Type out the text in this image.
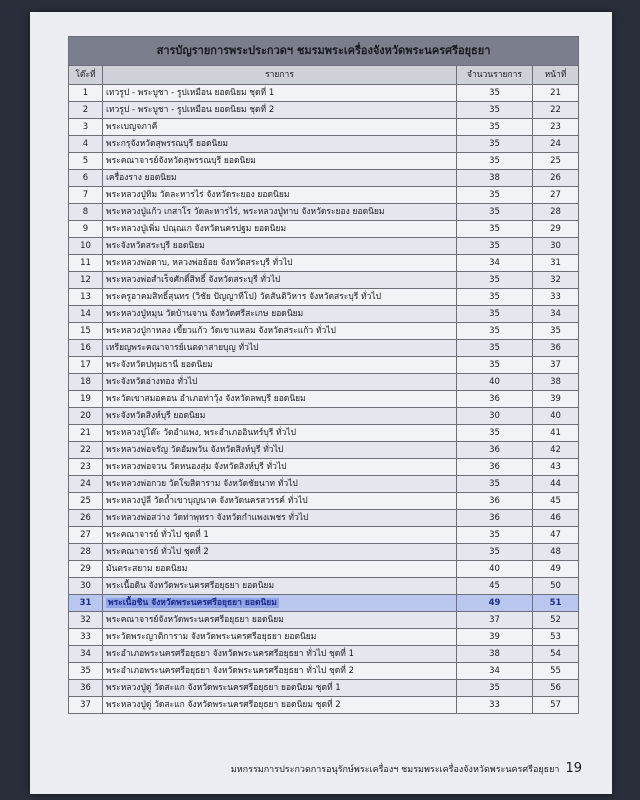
สารบัญรายการพระประกวดฯ ชมรมพระเครื่องจังหวัดพระนครศรีอยุธยา			
โต๊ะที่	รายการ	จำนวนรายการ	หน้าที่
1	เทวรูป - พระบูชา - รูปเหมือน ยอดนิยม ชุดที่ 1	35	21
2	เทวรูป - พระบูชา - รูปเหมือน ยอดนิยม ชุดที่ 2	35	22
3	พระเบญจภาคี	35	23
4	พระกรุจังหวัดสุพรรณบุรี ยอดนิยม	35	24
5	พระคณาจารย์จังหวัดสุพรรณบุรี ยอดนิยม	35	25
6	เครื่องราง ยอดนิยม	38	26
7	พระหลวงปู่ทิม วัดละหารไร่ จังหวัดระยอง ยอดนิยม	35	27
8	พระหลวงปู่แก้ว เกสาโร วัดละหารไร่, พระหลวงปู่ทาบ จังหวัดระยอง ยอดนิยม	35	28
9	พระหลวงปู่เพิ่ม ปณฺณเก จังหวัดนครปฐม ยอดนิยม	35	29
10	พระจังหวัดสระบุรี ยอดนิยม	35	30
11	พระหลวงพ่อดาบ, หลวงพ่อย้อย จังหวัดสระบุรี ทั่วไป	34	31
12	พระหลวงพ่อสำเร็จศักดิ์สิทธิ์ จังหวัดสระบุรี ทั่วไป	35	32
13	พระครูอาคมสิทธิ์สุนทร (วิชัย ปัญญาทีโป) วัดสันติวิหาร จังหวัดสระบุรี ทั่วไป	35	33
14	พระหลวงปู่หมุน วัดบ้านจาน จังหวัดศรีสะเกษ ยอดนิยม	35	34
15	พระหลวงปู่กาหลง เขี้ยวแก้ว วัดเขาแหลม จังหวัดสระแก้ว ทั่วไป	35	35
16	เหรียญพระคณาจารย์เนตตาสายบุญ ทั่วไป	35	36
17	พระจังหวัดปทุมธานี ยอดนิยม	35	37
18	พระจังหวัดอ่างทอง ทั่วไป	40	38
19	พระวัดเขาสมอคอน อำเภอท่าวุ้ง จังหวัดลพบุรี ยอดนิยม	36	39
20	พระจังหวัดสิงห์บุรี ยอดนิยม	30	40
21	พระหลวงปู่โต๊ะ วัดอำแพง, พระอำเภออินทร์บุรี ทั่วไป	35	41
22	พระหลวงพ่อจรัญ วัดอัมพวัน จังหวัดสิงห์บุรี ทั่วไป	36	42
23	พระหลวงพ่อจวน วัดหนองสุ่ม จังหวัดสิงห์บุรี ทั่วไป	36	43
24	พระหลวงพ่อกวย วัดโฆสิตาราม จังหวัดชัยนาท ทั่วไป	35	44
25	พระหลวงปู่ลี วัดถ้ำเขาบุญนาค จังหวัดนครสวรรค์ ทั่วไป	36	45
26	พระหลวงพ่อสว่าง วัดท่าพุทรา จังหวัดกำแพงเพชร ทั่วไป	36	46
27	พระคณาจารย์ ทั่วไป ชุดที่ 1	35	47
28	พระคณาจารย์ ทั่วไป ชุดที่ 2	35	48
29	มันตระสยาม ยอดนิยม	40	49
30	พระเนื้อดิน จังหวัดพระนครศรีอยุธยา ยอดนิยม	45	50
31	พระเนื้อชิน จังหวัดพระนครศรีอยุธยา ยอดนิยม	49	51
32	พระคณาจารย์จังหวัดพระนครศรีอยุธยา ยอดนิยม	37	52
33	พระวัดพระญาติการาม จังหวัดพระนครศรีอยุธยา ยอดนิยม	39	53
34	พระอำเภอพระนครศรีอยุธยา จังหวัดพระนครศรีอยุธยา ทั่วไป ชุดที่ 1	38	54
35	พระอำเภอพระนครศรีอยุธยา จังหวัดพระนครศรีอยุธยา ทั่วไป ชุดที่ 2	34	55
36	พระหลวงปู่ดู่ วัดสะแก จังหวัดพระนครศรีอยุธยา ยอดนิยม ชุดที่ 1	35	56
37	พระหลวงปู่ดู่ วัดสะแก จังหวัดพระนครศรีอยุธยา ยอดนิยม ชุดที่ 2	33	57
มหกรรมการประกวดการอนุรักษ์พระเครื่องฯ ชมรมพระเครื่องจังหวัดพระนครศรีอยุธยา 19
